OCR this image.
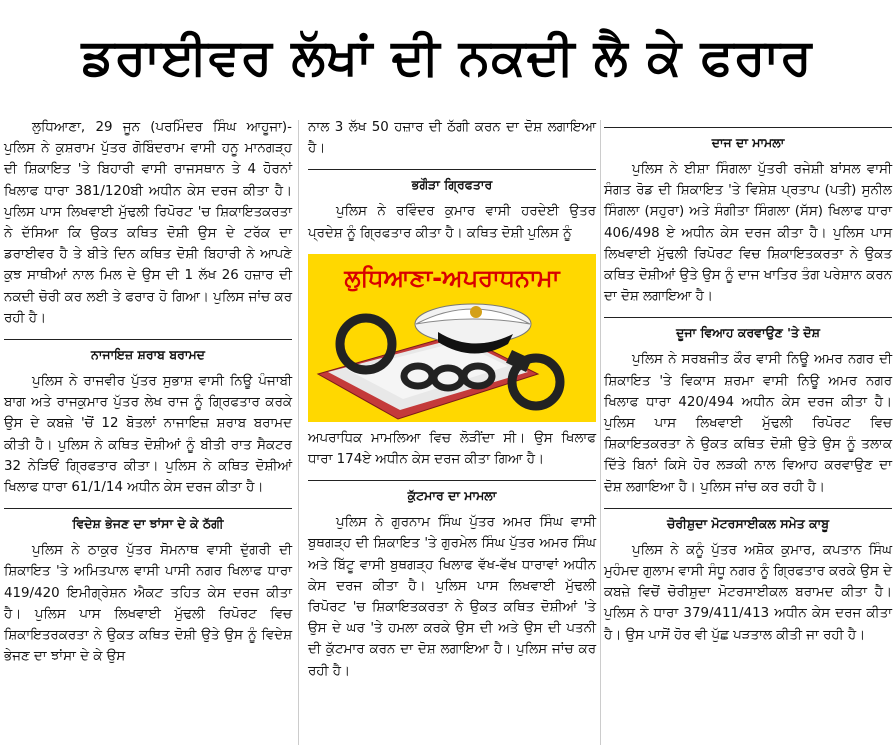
ਡਰਾਈਵਰ ਲੱਖਾਂ ਦੀ ਨਕਦੀ ਲੈ ਕੇ ਫਰਾਰ

ਲੁਧਿਆਣਾ, 29 ਜੂਨ (ਪਰਮਿੰਦਰ ਸਿੰਘ ਆਹੂਜਾ)- ਪੁਲਿਸ ਨੇ ਕੁਸ਼ਰਾਮ ਪੁੱਤਰ ਗੋਬਿੰਦਰਾਮ ਵਾਸੀ ਹਨੂ ਮਾਨਗੜ੍ਹ ਦੀ ਸ਼ਿਕਾਇਤ 'ਤੇ ਬਿਹਾਰੀ ਵਾਸੀ ਰਾਜਸਥਾਨ ਤੇ 4 ਹੋਰਨਾਂ ਖਿਲਾਫ ਧਾਰਾ 381/120ਬੀ ਅਧੀਨ ਕੇਸ ਦਰਜ ਕੀਤਾ ਹੈ। ਪੁਲਿਸ ਪਾਸ ਲਿਖਵਾਈ ਮੁੱਢਲੀ ਰਿਪੋਰਟ 'ਚ ਸ਼ਿਕਾਇਤਕਰਤਾ ਨੇ ਦੱਸਿਆ ਕਿ ਉਕਤ ਕਥਿਤ ਦੋਸ਼ੀ ਉਸ ਦੇ ਟਰੱਕ ਦਾ ਡਰਾਈਵਰ ਹੈ ਤੇ ਬੀਤੇ ਦਿਨ ਕਥਿਤ ਦੋਸ਼ੀ ਬਿਹਾਰੀ ਨੇ ਆਪਣੇ ਕੁਝ ਸਾਥੀਆਂ ਨਾਲ ਮਿਲ ਦੇ ਉਸ ਦੀ 1 ਲੱਖ 26 ਹਜ਼ਾਰ ਦੀ ਨਕਦੀ ਚੋਰੀ ਕਰ ਲਈ ਤੇ ਫਰਾਰ ਹੋ ਗਿਆ। ਪੁਲਿਸ ਜਾਂਚ ਕਰ ਰਹੀ ਹੈ।

ਨਾਜਾਇਜ਼ ਸ਼ਰਾਬ ਬਰਾਮਦ

ਪੁਲਿਸ ਨੇ ਰਾਜਵੀਰ ਪੁੱਤਰ ਸੁਭਾਸ਼ ਵਾਸੀ ਨਿਊ ਪੰਜਾਬੀ ਬਾਗ ਅਤੇ ਰਾਜਕੁਮਾਰ ਪੁੱਤਰ ਲੇਖ ਰਾਜ ਨੂੰ ਗ੍ਰਿਫਤਾਰ ਕਰਕੇ ਉਸ ਦੇ ਕਬਜ਼ੇ 'ਚੋਂ 12 ਬੋਤਲਾਂ ਨਾਜਾਇਜ਼ ਸ਼ਰਾਬ ਬਰਾਮਦ ਕੀਤੀ ਹੈ। ਪੁਲਿਸ ਨੇ ਕਥਿਤ ਦੋਸ਼ੀਆਂ ਨੂੰ ਬੀਤੀ ਰਾਤ ਸੈਕਟਰ 32 ਨੇੜਿਓਂ ਗ੍ਰਿਫਤਾਰ ਕੀਤਾ। ਪੁਲਿਸ ਨੇ ਕਥਿਤ ਦੋਸ਼ੀਆਂ ਖਿਲਾਫ ਧਾਰਾ 61/1/14 ਅਧੀਨ ਕੇਸ ਦਰਜ ਕੀਤਾ ਹੈ।

ਵਿਦੇਸ਼ ਭੇਜਣ ਦਾ ਝਾਂਸਾ ਦੇ ਕੇ ਠੱਗੀ

ਪੁਲਿਸ ਨੇ ਠਾਕੁਰ ਪੁੱਤਰ ਸੋਮਨਾਥ ਵਾਸੀ ਦੁੱਗਰੀ ਦੀ ਸ਼ਿਕਾਇਤ 'ਤੇ ਅਮਿਤਪਾਲ ਵਾਸੀ ਪਾਸੀ ਨਗਰ ਖਿਲਾਫ ਧਾਰਾ 419/420 ਇਮੀਗ੍ਰੇਸ਼ਨ ਐਕਟ ਤਹਿਤ ਕੇਸ ਦਰਜ ਕੀਤਾ ਹੈ। ਪੁਲਿਸ ਪਾਸ ਲਿਖਵਾਈ ਮੁੱਢਲੀ ਰਿਪੋਰਟ ਵਿਚ ਸ਼ਿਕਾਇਤਰਕਰਤਾ ਨੇ ਉਕਤ ਕਥਿਤ ਦੋਸ਼ੀ ਉਤੇ ਉਸ ਨੂੰ ਵਿਦੇਸ਼ ਭੇਜਣ ਦਾ ਝਾਂਸਾ ਦੇ ਕੇ ਉਸ

ਨਾਲ 3 ਲੱਖ 50 ਹਜ਼ਾਰ ਦੀ ਠੱਗੀ ਕਰਨ ਦਾ ਦੋਸ਼ ਲਗਾਇਆ ਹੈ।

ਭਗੌੜਾ ਗ੍ਰਿਫਤਾਰ

ਪੁਲਿਸ ਨੇ ਰਵਿੰਦਰ ਕੁਮਾਰ ਵਾਸੀ ਹਰਦੇਈ ਉਤਰ ਪ੍ਰਦੇਸ਼ ਨੂੰ ਗ੍ਰਿਫਤਾਰ ਕੀਤਾ ਹੈ। ਕਥਿਤ ਦੋਸ਼ੀ ਪੁਲਿਸ ਨੂੰ

ਲੁਧਿਆਣਾ-ਅਪਰਾਧਨਾਮਾ

ਅਪਰਾਧਿਕ ਮਾਮਲਿਆ ਵਿਚ ਲੋੜੀਂਦਾ ਸੀ। ਉਸ ਖਿਲਾਫ ਧਾਰਾ 174ਏ ਅਧੀਨ ਕੇਸ ਦਰਜ ਕੀਤਾ ਗਿਆ ਹੈ।

ਕੁੱਟਮਾਰ ਦਾ ਮਾਮਲਾ

ਪੁਲਿਸ ਨੇ ਗੁਰਨਾਮ ਸਿੰਘ ਪੁੱਤਰ ਅਮਰ ਸਿੰਘ ਵਾਸੀ ਬੁਥਗੜ੍ਹ ਦੀ ਸ਼ਿਕਾਇਤ 'ਤੇ ਗੁਰਮੇਲ ਸਿੰਘ ਪੁੱਤਰ ਅਮਰ ਸਿੰਘ ਅਤੇ ਬਿੱਟੂ ਵਾਸੀ ਬੁਥਗੜ੍ਹ ਖਿਲਾਫ ਵੱਖ-ਵੱਖ ਧਾਰਾਵਾਂ ਅਧੀਨ ਕੇਸ ਦਰਜ ਕੀਤਾ ਹੈ। ਪੁਲਿਸ ਪਾਸ ਲਿਖਵਾਈ ਮੁੱਢਲੀ ਰਿਪੋਰਟ 'ਚ ਸ਼ਿਕਾਇਤਕਰਤਾ ਨੇ ਉਕਤ ਕਥਿਤ ਦੋਸ਼ੀਆਂ 'ਤੇ ਉਸ ਦੇ ਘਰ 'ਤੇ ਹਮਲਾ ਕਰਕੇ ਉਸ ਦੀ ਅਤੇ ਉਸ ਦੀ ਪਤਨੀ ਦੀ ਕੁੱਟਮਾਰ ਕਰਨ ਦਾ ਦੋਸ਼ ਲਗਾਇਆ ਹੈ। ਪੁਲਿਸ ਜਾਂਚ ਕਰ ਰਹੀ ਹੈ।

ਦਾਜ ਦਾ ਮਾਮਲਾ

ਪੁਲਿਸ ਨੇ ਈਸ਼ਾ ਸਿੰਗਲਾ ਪੁੱਤਰੀ ਰਜੇਸ਼ੀ ਬਾਂਸਲ ਵਾਸੀ ਸੰਗਤ ਰੋਡ ਦੀ ਸ਼ਿਕਾਇਤ 'ਤੇ ਵਿਸ਼ੇਸ਼ ਪ੍ਰਤਾਪ (ਪਤੀ) ਸੁਨੀਲ ਸਿੰਗਲਾ (ਸਹੁਰਾ) ਅਤੇ ਸੰਗੀਤਾ ਸਿੰਗਲਾ (ਸੱਸ) ਖਿਲਾਫ ਧਾਰਾ 406/498 ਏ ਅਧੀਨ ਕੇਸ ਦਰਜ ਕੀਤਾ ਹੈ। ਪੁਲਿਸ ਪਾਸ ਲਿਖਵਾਈ ਮੁੱਢਲੀ ਰਿਪੋਰਟ ਵਿਚ ਸ਼ਿਕਾਇਤਕਰਤਾ ਨੇ ਉਕਤ ਕਥਿਤ ਦੋਸ਼ੀਆਂ ਉਤੇ ਉਸ ਨੂੰ ਦਾਜ ਖਾਤਿਰ ਤੰਗ ਪਰੇਸ਼ਾਨ ਕਰਨ ਦਾ ਦੋਸ਼ ਲਗਾਇਆ ਹੈ।

ਦੂਜਾ ਵਿਆਹ ਕਰਵਾਉਣ 'ਤੇ ਦੋਸ਼

ਪੁਲਿਸ ਨੇ ਸਰਬਜੀਤ ਕੌਰ ਵਾਸੀ ਨਿਊ ਅਮਰ ਨਗਰ ਦੀ ਸ਼ਿਕਾਇਤ 'ਤੇ ਵਿਕਾਸ ਸ਼ਰਮਾ ਵਾਸੀ ਨਿਊ ਅਮਰ ਨਗਰ ਖਿਲਾਫ ਧਾਰਾ 420/494 ਅਧੀਨ ਕੇਸ ਦਰਜ ਕੀਤਾ ਹੈ। ਪੁਲਿਸ ਪਾਸ ਲਿਖਵਾਈ ਮੁੱਢਲੀ ਰਿਪੋਰਟ ਵਿਚ ਸ਼ਿਕਾਇਤਕਰਤਾ ਨੇ ਉਕਤ ਕਥਿਤ ਦੋਸ਼ੀ ਉਤੇ ਉਸ ਨੂੰ ਤਲਾਕ ਦਿੱਤੇ ਬਿਨਾਂ ਕਿਸੇ ਹੋਰ ਲੜਕੀ ਨਾਲ ਵਿਆਹ ਕਰਵਾਉਣ ਦਾ ਦੋਸ਼ ਲਗਾਇਆ ਹੈ। ਪੁਲਿਸ ਜਾਂਚ ਕਰ ਰਹੀ ਹੈ।

ਚੋਰੀਸ਼ੁਦਾ ਮੋਟਰਸਾਈਕਲ ਸਮੇਤ ਕਾਬੂ

ਪੁਲਿਸ ਨੇ ਕਨੂੰ ਪੁੱਤਰ ਅਸ਼ੋਕ ਕੁਮਾਰ, ਕਪਤਾਨ ਸਿੰਘ ਮੁਹੰਮਦ ਗੁਲਾਮ ਵਾਸੀ ਸੰਧੂ ਨਗਰ ਨੂੰ ਗ੍ਰਿਫਤਾਰ ਕਰਕੇ ਉਸ ਦੇ ਕਬਜ਼ੇ ਵਿਚੋਂ ਚੋਰੀਸ਼ੁਦਾ ਮੋਟਰਸਾਈਕਲ ਬਰਾਮਦ ਕੀਤਾ ਹੈ। ਪੁਲਿਸ ਨੇ ਧਾਰਾ 379/411/413 ਅਧੀਨ ਕੇਸ ਦਰਜ ਕੀਤਾ ਹੈ। ਉਸ ਪਾਸੋਂ ਹੋਰ ਵੀ ਪੁੱਛ ਪੜਤਾਲ ਕੀਤੀ ਜਾ ਰਹੀ ਹੈ।
